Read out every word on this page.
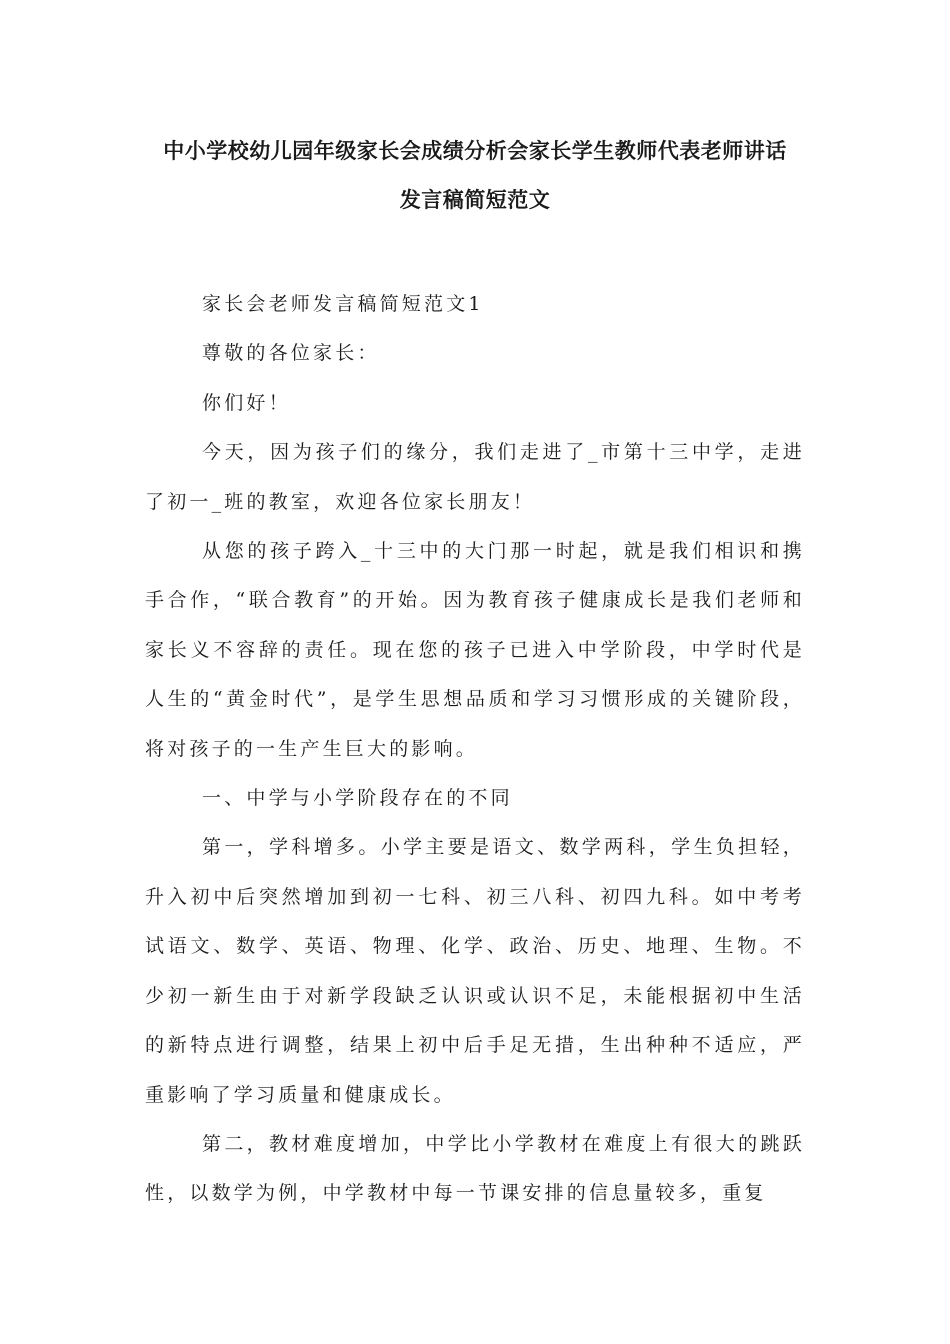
中小学校幼儿园年级家长会成绩分析会家长学生教师代表老师讲话
发言稿简短范文

家长会老师发言稿简短范文1

尊敬的各位家长：

你们好！

今天，因为孩子们的缘分，我们走进了_市第十三中学，走进了初一_班的教室，欢迎各位家长朋友！

从您的孩子跨入_十三中的大门那一时起，就是我们相识和携手合作，“联合教育”的开始。因为教育孩子健康成长是我们老师和家长义不容辞的责任。现在您的孩子已进入中学阶段，中学时代是人生的“黄金时代”，是学生思想品质和学习习惯形成的关键阶段，将对孩子的一生产生巨大的影响。

一、中学与小学阶段存在的不同

第一，学科增多。小学主要是语文、数学两科，学生负担轻，升入初中后突然增加到初一七科、初三八科、初四九科。如中考考试语文、数学、英语、物理、化学、政治、历史、地理、生物。不少初一新生由于对新学段缺乏认识或认识不足，未能根据初中生活的新特点进行调整，结果上初中后手足无措，生出种种不适应，严重影响了学习质量和健康成长。

第二，教材难度增加，中学比小学教材在难度上有很大的跳跃性，以数学为例，中学教材中每一节课安排的信息量较多，重复
